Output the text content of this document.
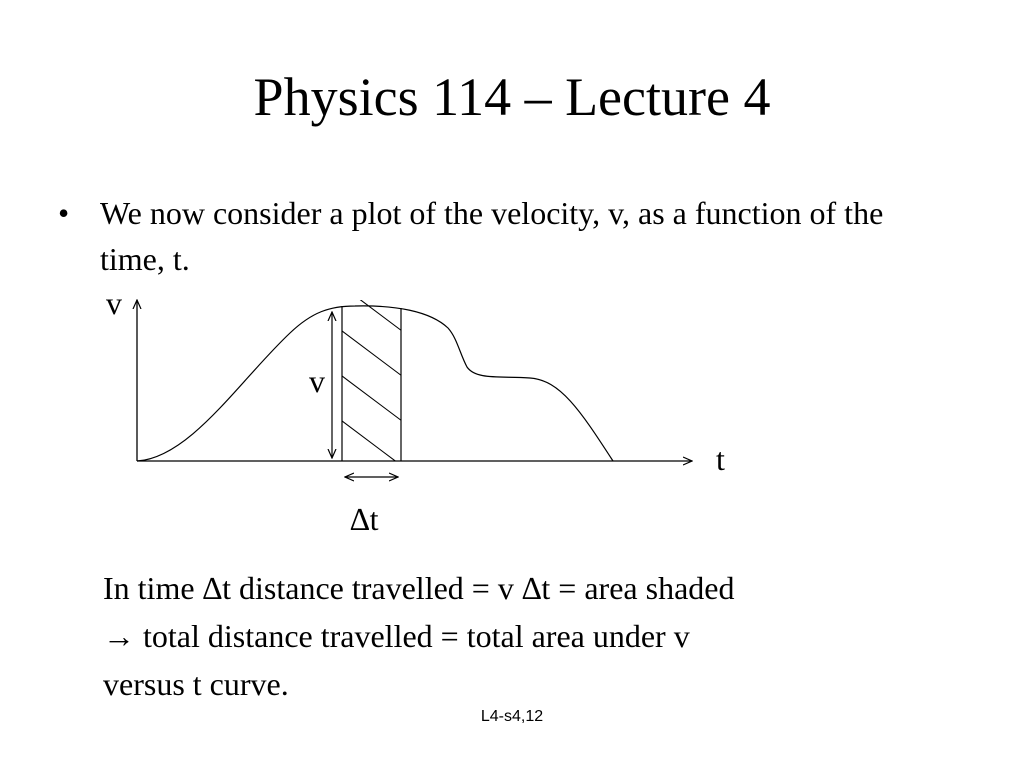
Physics 114 – Lecture 4
• We now consider a plot of the velocity, v, as a function of the time, t.
v
t
v
∆t

In time ∆t distance travelled = v ∆t = area shaded

→ total distance travelled = total area under v

versus t curve.

L4-s4,12
